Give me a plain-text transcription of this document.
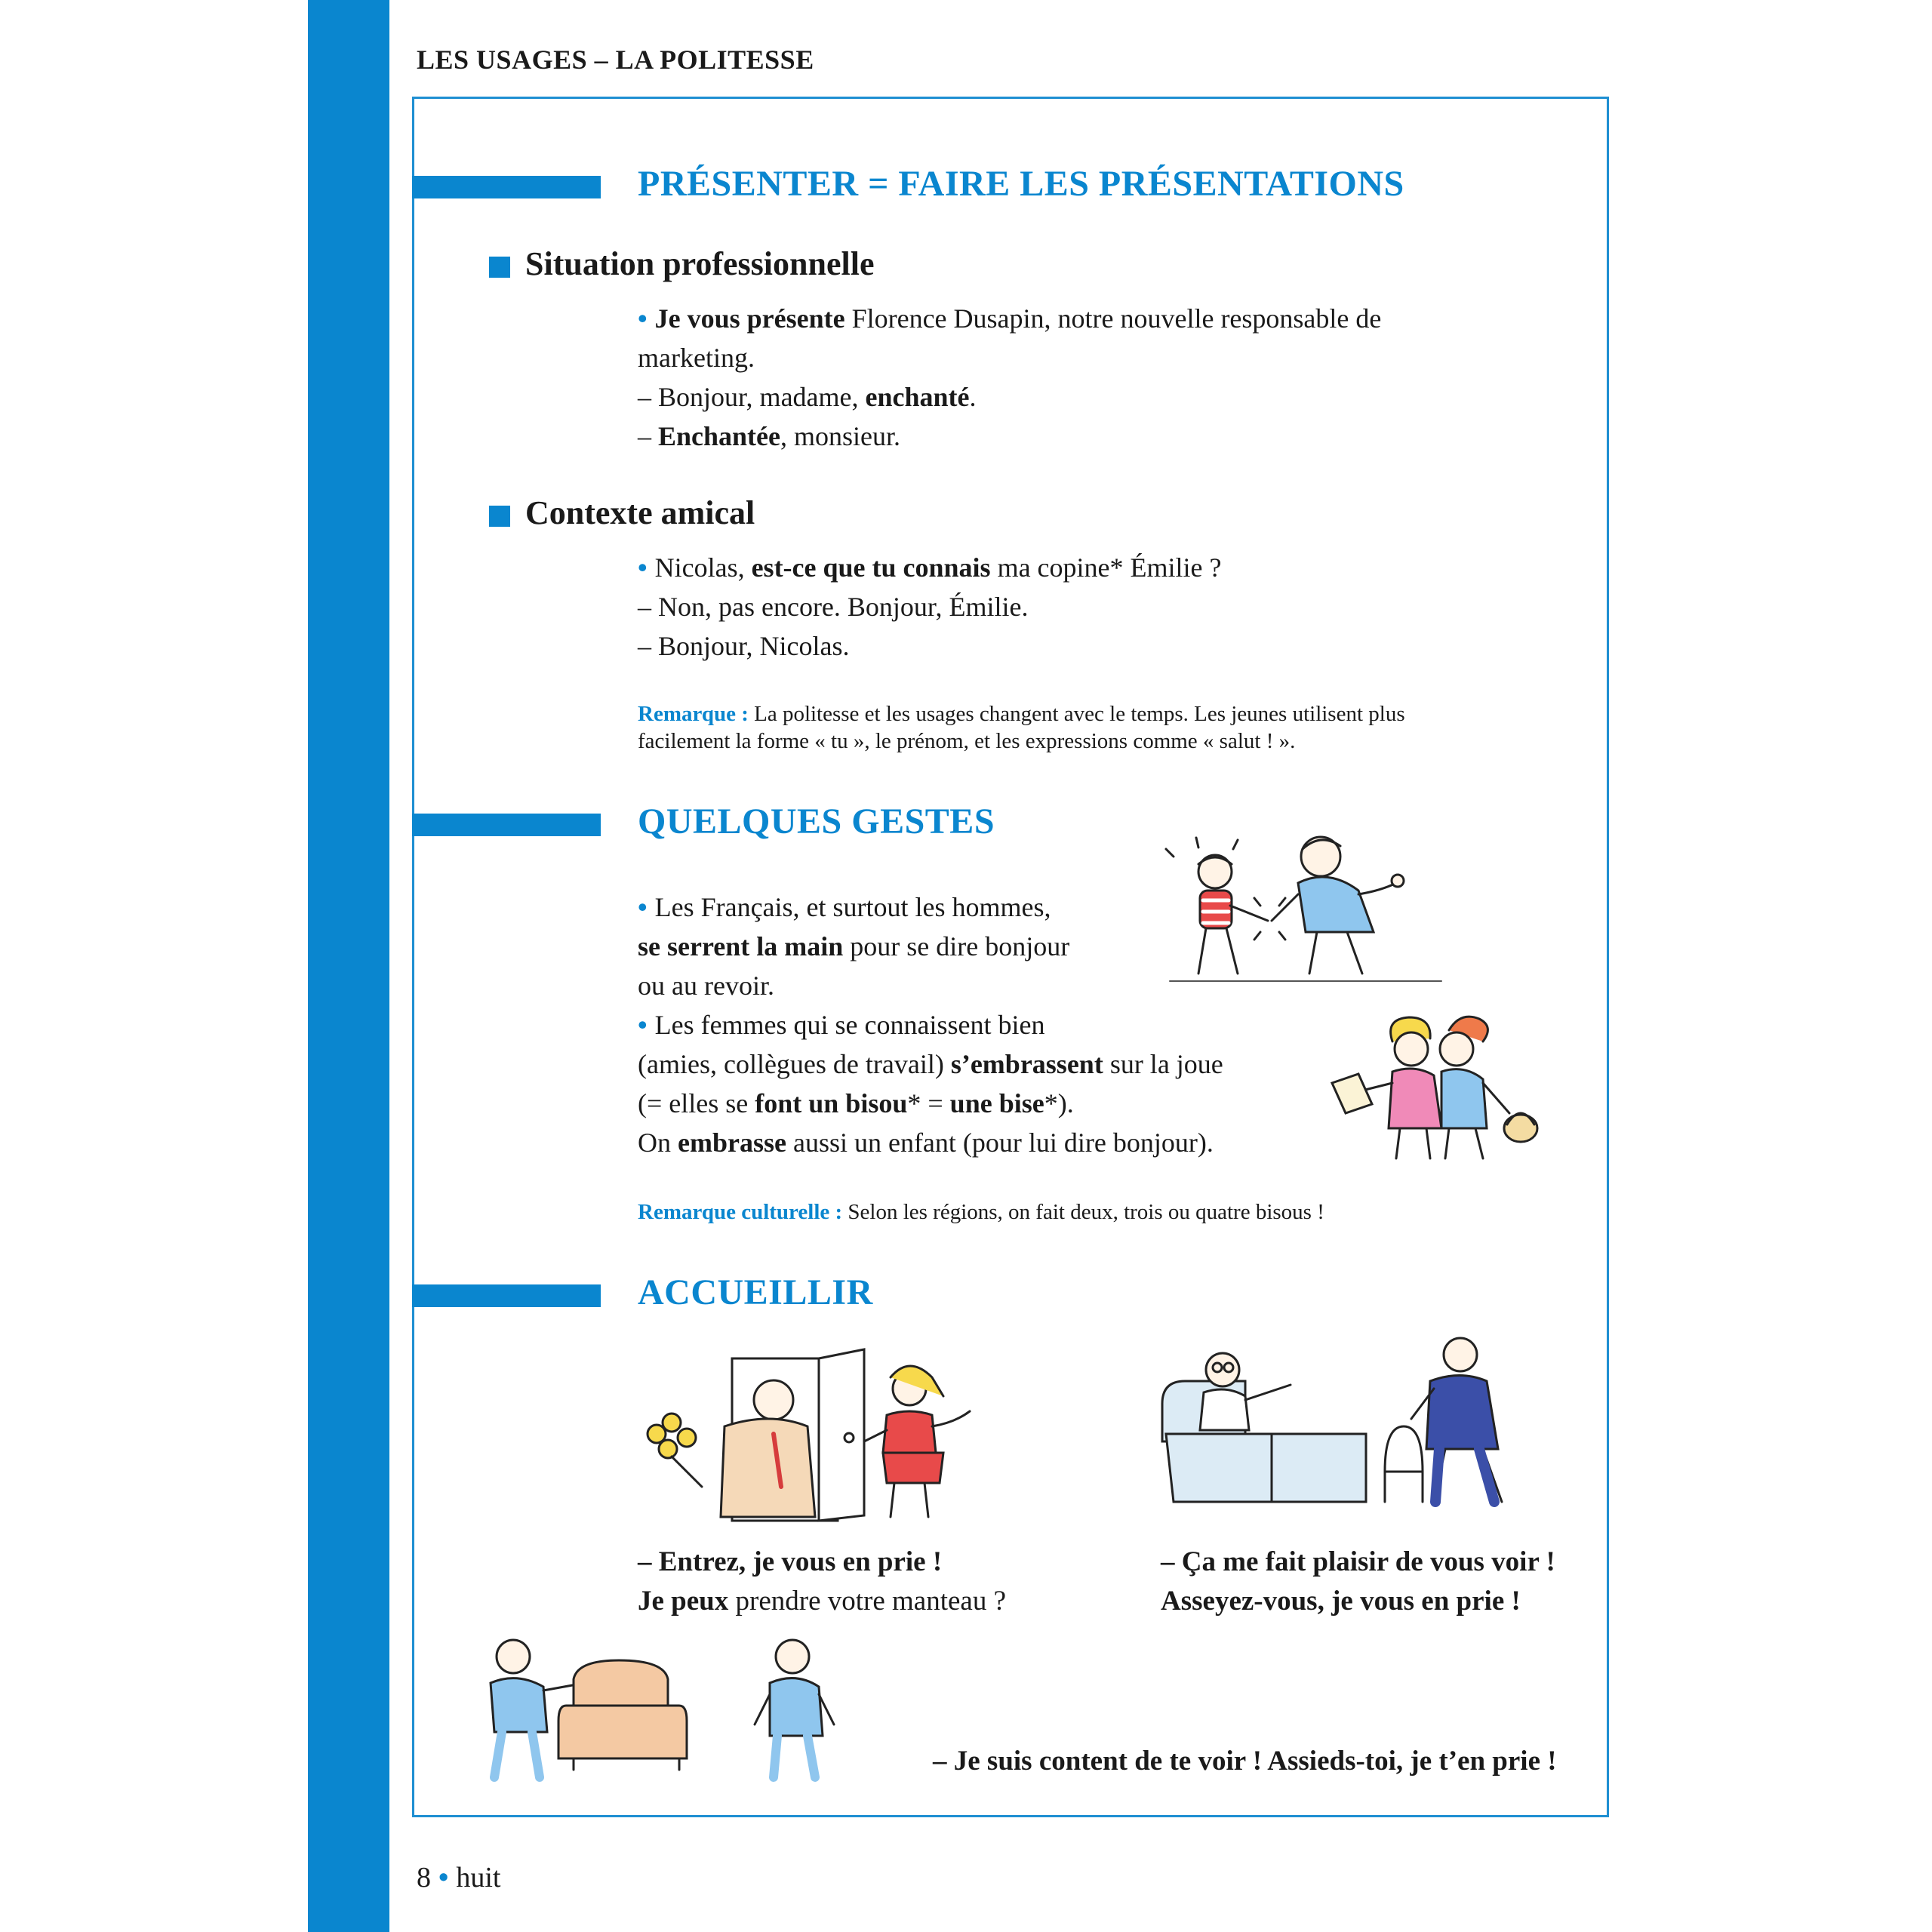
LES USAGES – LA POLITESSE
PRÉSENTER = FAIRE LES PRÉSENTATIONS
Situation professionnelle
• Je vous présente Florence Dusapin, notre nouvelle responsable de
marketing.
– Bonjour, madame, enchanté.
– Enchantée, monsieur.
Contexte amical
• Nicolas, est-ce que tu connais ma copine* Émilie ?
– Non, pas encore. Bonjour, Émilie.
– Bonjour, Nicolas.
Remarque : La politesse et les usages changent avec le temps. Les jeunes utilisent plus
facilement la forme « tu », le prénom, et les expressions comme « salut ! ».
QUELQUES GESTES
• Les Français, et surtout les hommes,
se serrent la main pour se dire bonjour
ou au revoir.
• Les femmes qui se connaissent bien
(amies, collègues de travail) s’embrassent sur la joue
(= elles se font un bisou* = une bise*).
On embrasse aussi un enfant (pour lui dire bonjour).
Remarque culturelle : Selon les régions, on fait deux, trois ou quatre bisous !
ACCUEILLIR
– Entrez, je vous en prie !
Je peux prendre votre manteau ?
– Ça me fait plaisir de vous voir !
Asseyez-vous, je vous en prie !
– Je suis content de te voir ! Assieds-toi, je t’en prie !
8 • huit
